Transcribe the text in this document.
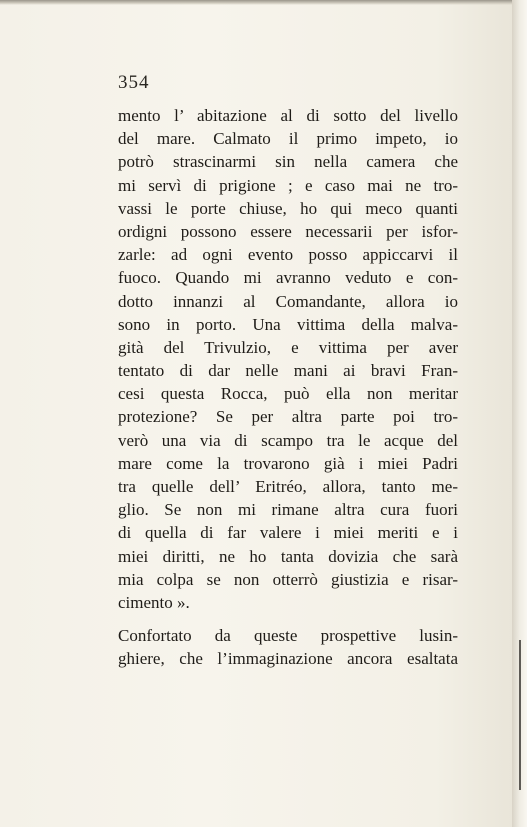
354

mento l’ abitazione al di sotto del livello
del mare. Calmato il primo impeto, io
potrò strascinarmi sin nella camera che
mi servì di prigione ; e caso mai ne tro-
vassi le porte chiuse, ho qui meco quanti
ordigni possono essere necessarii per isfor-
zarle: ad ogni evento posso appiccarvi il
fuoco. Quando mi avranno veduto e con-
dotto innanzi al Comandante, allora io
sono in porto. Una vittima della malva-
gità del Trivulzio, e vittima per aver
tentato di dar nelle mani ai bravi Fran-
cesi questa Rocca, può ella non meritar
protezione? Se per altra parte poi tro-
verò una via di scampo tra le acque del
mare come la trovarono già i miei Padri
tra quelle dell’ Eritréo, allora, tanto me-
glio. Se non mi rimane altra cura fuori
di quella di far valere i miei meriti e i
miei diritti, ne ho tanta dovizia che sarà
mia colpa se non otterrò giustizia e risar-
cimento ».
Confortato da queste prospettive lusin-
ghiere, che l’immaginazione ancora esaltata
